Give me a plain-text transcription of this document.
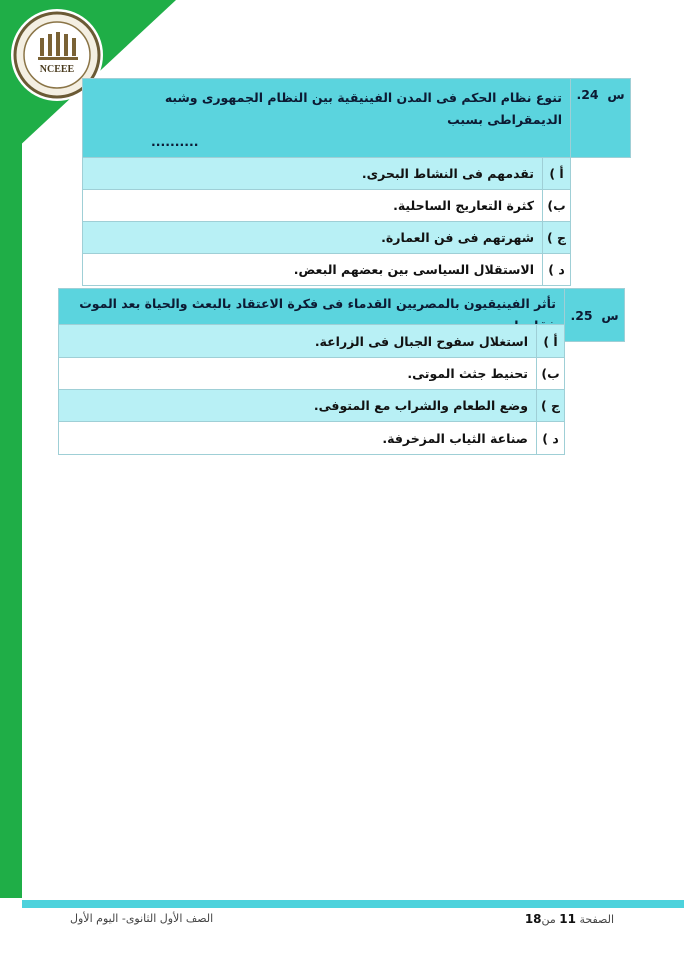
NCEEE
س  24.	تنوع نظام الحكم فى المدن الفينيقية بين النظام الجمهورى وشبه الديمقراطى بسبب
..........	

	أ )	تقدمهم فى النشاط البحرى.
	ب)	كثرة التعاريج الساحلية.
	ج )	شهرتهم فى فن العمارة.
	د )	الاستقلال السياسى بين بعضهم البعض.
س  25.	تأثر الفينيقيون بالمصريين القدماء فى فكرة الاعتقاد بالبعث والحياة بعد الموت
أ )	استغلال سفوح الجبال فى الزراعة.
ب)	تحنيط جثث الموتى.
ج )	وضع الطعام والشراب مع المتوفى.
د )	صناعة الثياب المزخرفة.
الصفحة 11 من18
الصف الأول الثانوى- اليوم الأول
